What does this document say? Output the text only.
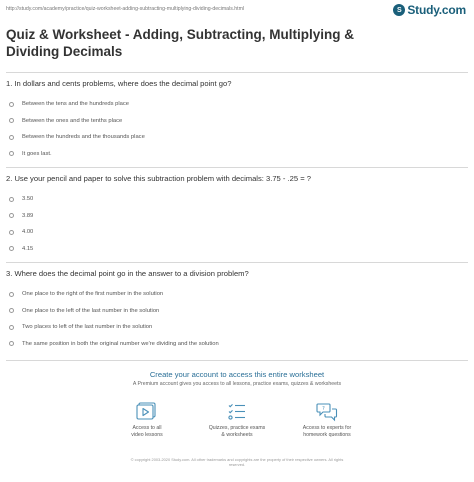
http://study.com/academy/practice/quiz-worksheet-adding-subtracting-multiplying-dividing-decimals.html	S Study.com
Quiz & Worksheet - Adding, Subtracting, Multiplying & Dividing Decimals
1. In dollars and cents problems, where does the decimal point go?
Between the tens and the hundreds place
Between the ones and the tenths place
Between the hundreds and the thousands place
It goes last.
2. Use your pencil and paper to solve this subtraction problem with decimals: 3.75 - .25 = ?
3.50
3.89
4.00
4.15
3. Where does the decimal point go in the answer to a division problem?
One place to the right of the first number in the solution
One place to the left of the last number in the solution
Two places to left of the last number in the solution
The same position in both the original number we're dividing and the solution
Create your account to access this entire worksheet
A Premium account gives you access to all lessons, practice exams, quizzes & worksheets
Access to all
video lessons
Quizzes, practice exams
& worksheets
?
Access to experts for
homework questions
© copyright 2003-2020 Study.com. All other trademarks and copyrights are the property of their respective owners. All rights
reserved.
